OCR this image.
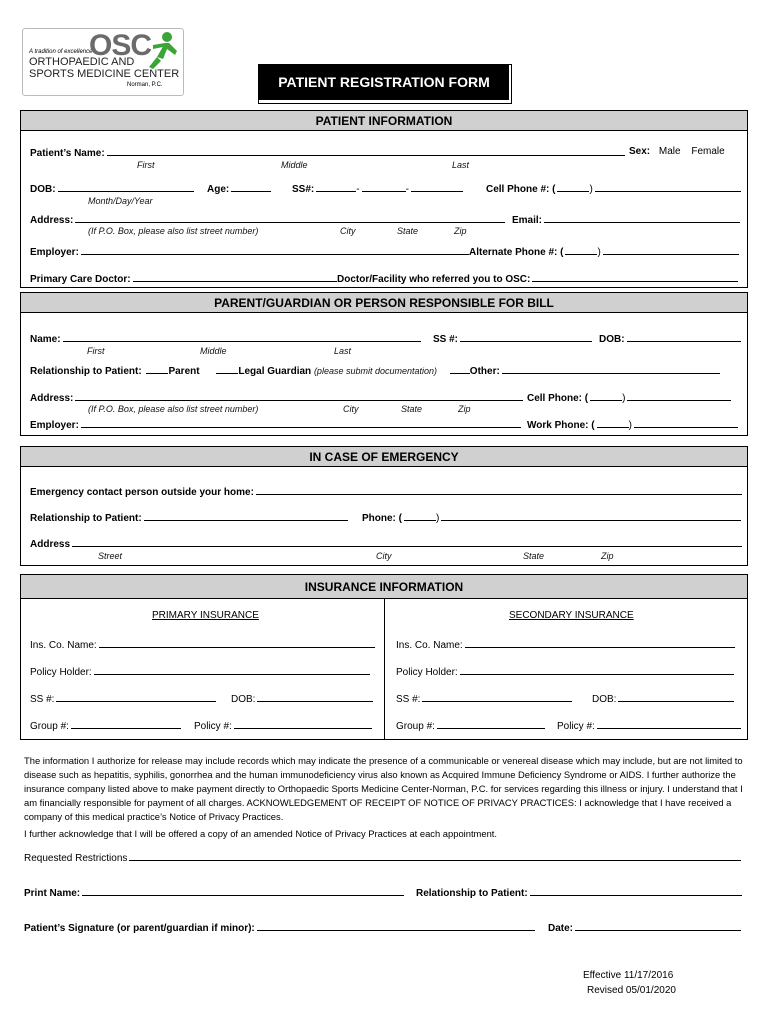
A tradition of excellence
OSC
ORTHOPAEDIC AND
SPORTS MEDICINE CENTER
Norman, P.C.	PATIENT REGISTRATION FORM
PATIENT INFORMATION
Patient’s Name:	Sex: Male Female
First	Middle	Last
DOB:	Age:	SS#:	-	-	Cell Phone #: (	)
Month/Day/Year
Address:	Email:
(If P.O. Box, please also list street number)	City	State	Zip
Employer:	Alternate Phone #: (	)
Primary Care Doctor:	Doctor/Facility who referred you to OSC:
PARENT/GUARDIAN OR PERSON RESPONSIBLE FOR BILL
Name:	SS #:	DOB:
First	Middle	Last
Relationship to Patient:	Parent	Legal Guardian (please submit documentation)	Other:
Address:	Cell Phone: (	)
(If P.O. Box, please also list street number)	City	State	Zip
Employer:	Work Phone: (	)
IN CASE OF EMERGENCY
Emergency contact person outside your home:
Relationship to Patient:	Phone: (	)
Address
Street	City	State	Zip
INSURANCE INFORMATION
PRIMARY INSURANCE	SECONDARY INSURANCE
Ins. Co. Name:	Ins. Co. Name:
Policy Holder:	Policy Holder:
SS #:	DOB:	SS #:	DOB:
Group #:	Policy #:	Group #:	Policy #:
The information I authorize for release may include records which may indicate the presence of a communicable or venereal disease which may include, but are not limited to disease such as hepatitis, syphilis, gonorrhea and the human immunodeficiency virus also known as Acquired Immune Deficiency Syndrome or AIDS. I further authorize the insurance company listed above to make payment directly to Orthopaedic Sports Medicine Center-Norman, P.C. for services regarding this illness or injury. I understand that I am financially responsible for payment of all charges. ACKNOWLEDGEMENT OF RECEIPT OF NOTICE OF PRIVACY PRACTICES: I acknowledge that I have received a company of this medical practice’s Notice of Privacy Practices.
I further acknowledge that I will be offered a copy of an amended Notice of Privacy Practices at each appointment.
Requested Restrictions
Print Name:	Relationship to Patient:
Patient’s Signature (or parent/guardian if minor):	Date:
Effective 11/17/2016
Revised 05/01/2020
